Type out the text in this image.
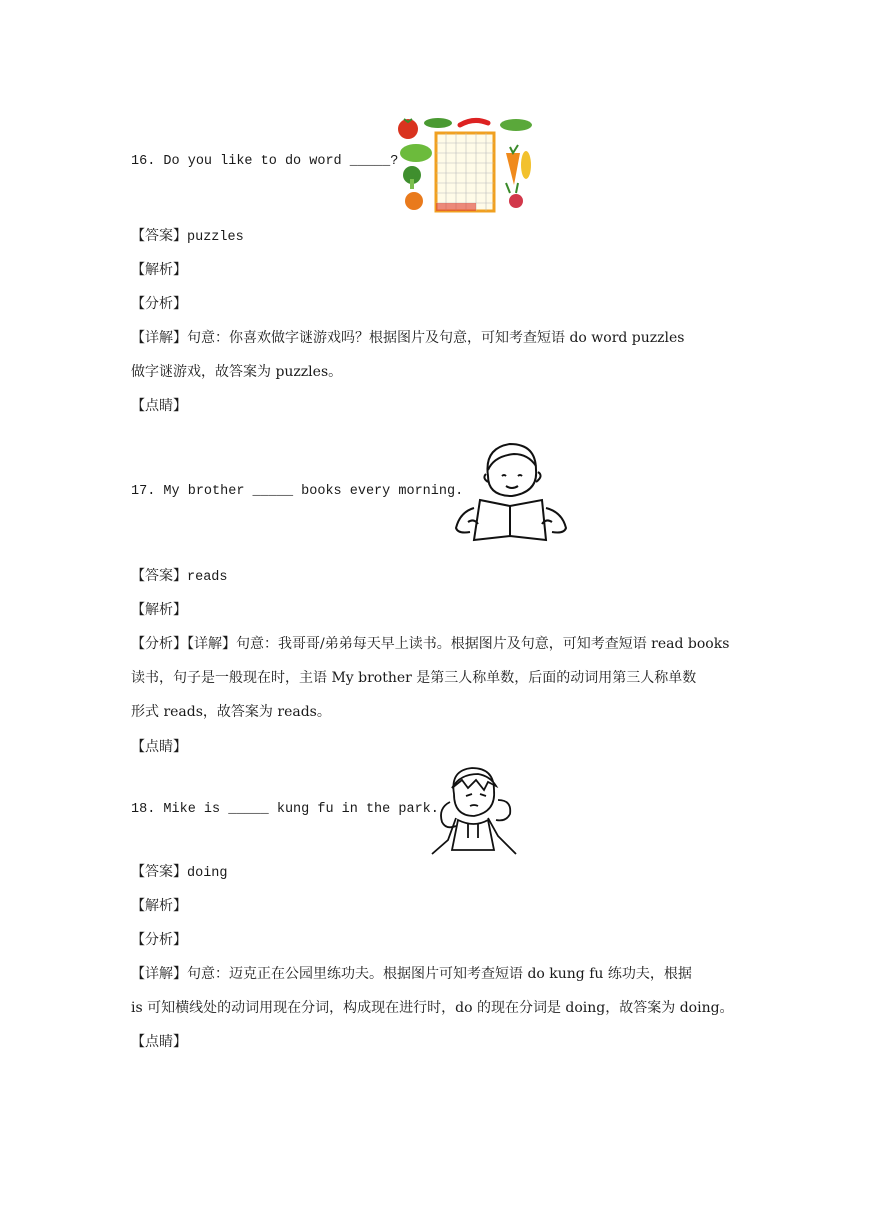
16. Do you like to do word _____?
【答案】puzzles
【解析】
【分析】
【详解】句意：你喜欢做字谜游戏吗？根据图片及句意，可知考查短语 do word puzzles
做字谜游戏，故答案为 puzzles。
【点睛】
17. My brother _____ books every morning.
【答案】reads
【解析】
【分析】【详解】句意：我哥哥/弟弟每天早上读书。根据图片及句意，可知考查短语 read books
读书，句子是一般现在时，主语 My brother 是第三人称单数，后面的动词用第三人称单数
形式 reads，故答案为 reads。
【点睛】
18. Mike is _____ kung fu in the park.
【答案】doing
【解析】
【分析】
【详解】句意：迈克正在公园里练功夫。根据图片可知考查短语 do kung fu 练功夫，根据
is 可知横线处的动词用现在分词，构成现在进行时，do 的现在分词是 doing，故答案为 doing。
【点睛】
